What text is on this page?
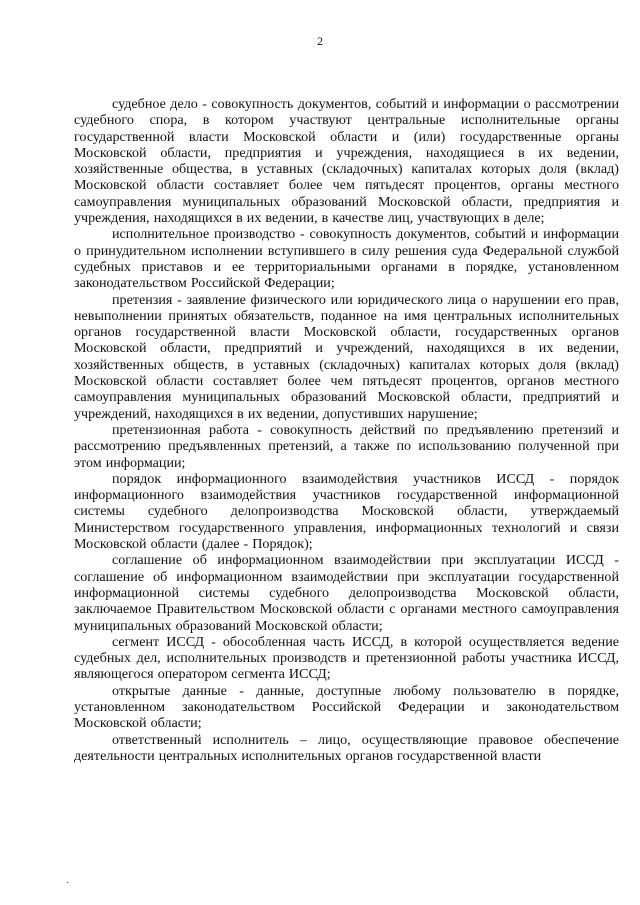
2

судебное дело - совокупность документов, событий и информации о рассмотрении судебного спора, в котором участвуют центральные исполнительные органы государственной власти Московской области и (или) государственные органы Московской области, предприятия и учреждения, находящиеся в их ведении, хозяйственные общества, в уставных (складочных) капиталах которых доля (вклад) Московской области составляет более чем пятьдесят процентов, органы местного самоуправления муниципальных образований Московской области, предприятия и учреждения, находящихся в их ведении, в качестве лиц, участвующих в деле;

исполнительное производство - совокупность документов, событий и информации о принудительном исполнении вступившего в силу решения суда Федеральной службой судебных приставов и ее территориальными органами в порядке, установленном законодательством Российской Федерации;

претензия - заявление физического или юридического лица о нарушении его прав, невыполнении принятых обязательств, поданное на имя центральных исполнительных органов государственной власти Московской области, государственных органов Московской области, предприятий и учреждений, находящихся в их ведении, хозяйственных обществ, в уставных (складочных) капиталах которых доля (вклад) Московской области составляет более чем пятьдесят процентов, органов местного самоуправления муниципальных образований Московской области, предприятий и учреждений, находящихся в их ведении, допустивших нарушение;

претензионная работа - совокупность действий по предъявлению претензий и рассмотрению предъявленных претензий, а также по использованию полученной при этом информации;

порядок информационного взаимодействия участников ИССД - порядок информационного взаимодействия участников государственной информационной системы судебного делопроизводства Московской области, утверждаемый Министерством государственного управления, информационных технологий и связи Московской области (далее - Порядок);

соглашение об информационном взаимодействии при эксплуатации ИССД - соглашение об информационном взаимодействии при эксплуатации государственной информационной системы судебного делопроизводства Московской области, заключаемое Правительством Московской области с органами местного самоуправления муниципальных образований Московской области;

сегмент ИССД - обособленная часть ИССД, в которой осуществляется ведение судебных дел, исполнительных производств и претензионной работы участника ИССД, являющегося оператором сегмента ИССД;

открытые данные - данные, доступные любому пользователю в порядке, установленном законодательством Российской Федерации и законодательством Московской области;

ответственный исполнитель – лицо, осуществляющие правовое обеспечение деятельности центральных исполнительных органов государственной власти

·
